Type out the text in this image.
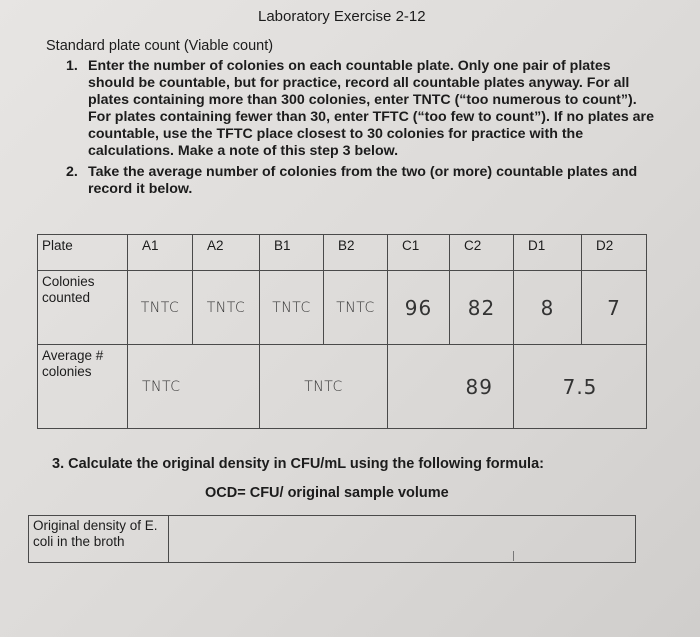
Laboratory Exercise 2-12
Standard plate count (Viable count)
1. Enter the number of colonies on each countable plate. Only one pair of plates should be countable, but for practice, record all countable plates anyway. For all plates containing more than 300 colonies, enter TNTC (“too numerous to count”). For plates containing fewer than 30, enter TFTC (“too few to count”). If no plates are countable, use the TFTC place closest to 30 colonies for practice with the calculations. Make a note of this step 3 below.
2. Take the average number of colonies from the two (or more) countable plates and record it below.
Plate	A1	A2	B1	B2	C1	C2	D1	D2
Colonies counted	TNTC	TNTC	TNTC	TNTC	96	82	8	7

Average # colonies	TNTC		TNTC		89		7.5	
3. Calculate the original density in CFU/mL using the following formula:
OCD= CFU/ original sample volume
Original density of E. coli in the broth	
